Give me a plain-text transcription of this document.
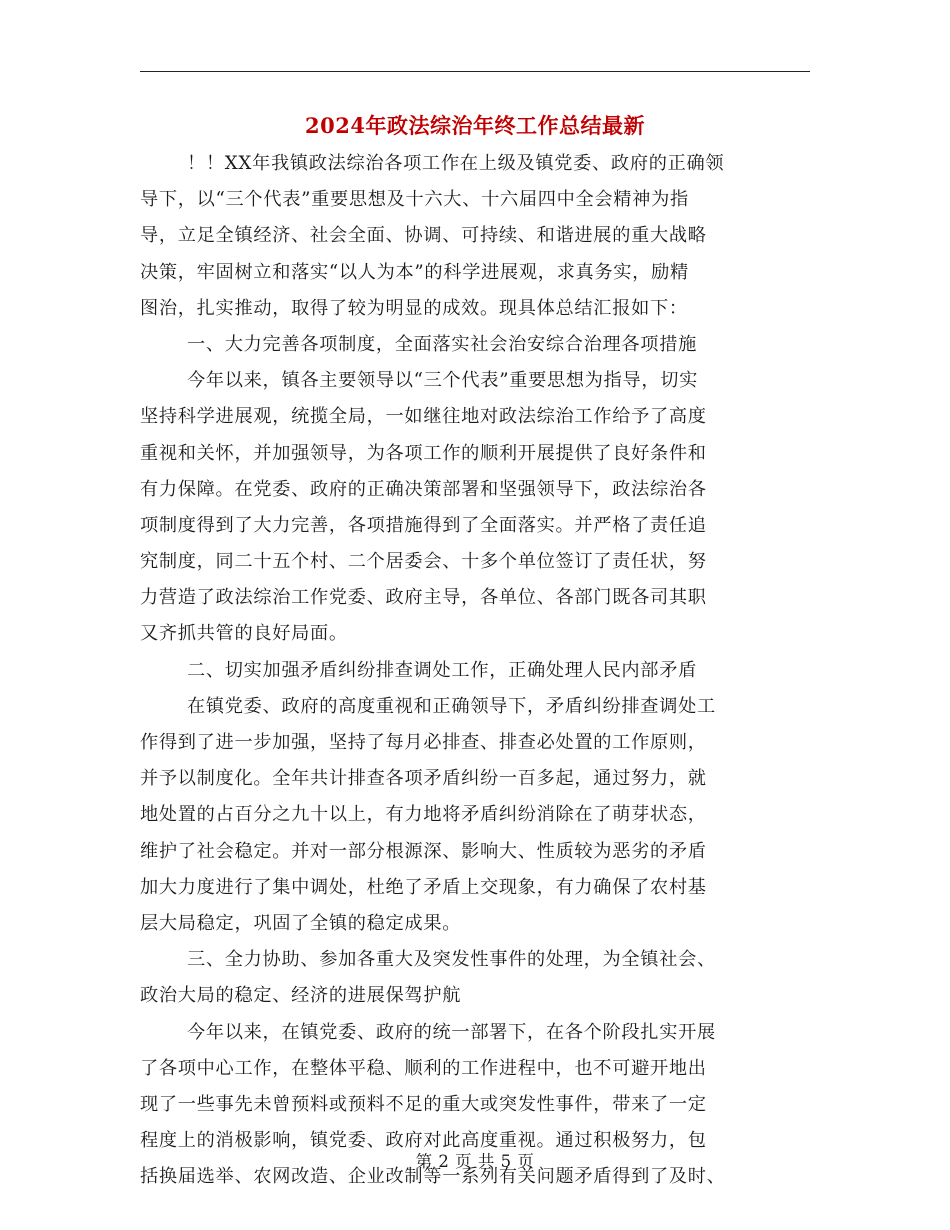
2024年政法综治年终工作总结最新
！！XX年我镇政法综治各项工作在上级及镇党委、政府的正确领
导下，以“三个代表”重要思想及十六大、十六届四中全会精神为指
导，立足全镇经济、社会全面、协调、可持续、和谐进展的重大战略
决策，牢固树立和落实“以人为本”的科学进展观，求真务实，励精
图治，扎实推动，取得了较为明显的成效。现具体总结汇报如下：
一、大力完善各项制度，全面落实社会治安综合治理各项措施
今年以来，镇各主要领导以“三个代表”重要思想为指导，切实
坚持科学进展观，统揽全局，一如继往地对政法综治工作给予了高度
重视和关怀，并加强领导，为各项工作的顺利开展提供了良好条件和
有力保障。在党委、政府的正确决策部署和坚强领导下，政法综治各
项制度得到了大力完善，各项措施得到了全面落实。并严格了责任追
究制度，同二十五个村、二个居委会、十多个单位签订了责任状，努
力营造了政法综治工作党委、政府主导，各单位、各部门既各司其职
又齐抓共管的良好局面。
二、切实加强矛盾纠纷排查调处工作，正确处理人民内部矛盾
在镇党委、政府的高度重视和正确领导下，矛盾纠纷排查调处工
作得到了进一步加强，坚持了每月必排查、排查必处置的工作原则，
并予以制度化。全年共计排查各项矛盾纠纷一百多起，通过努力，就
地处置的占百分之九十以上，有力地将矛盾纠纷消除在了萌芽状态，
维护了社会稳定。并对一部分根源深、影响大、性质较为恶劣的矛盾
加大力度进行了集中调处，杜绝了矛盾上交现象，有力确保了农村基
层大局稳定，巩固了全镇的稳定成果。
三、全力协助、参加各重大及突发性事件的处理，为全镇社会、
政治大局的稳定、经济的进展保驾护航
今年以来，在镇党委、政府的统一部署下，在各个阶段扎实开展
了各项中心工作，在整体平稳、顺利的工作进程中，也不可避开地出
现了一些事先未曾预料或预料不足的重大或突发性事件，带来了一定
程度上的消极影响，镇党委、政府对此高度重视。通过积极努力，包
括换届选举、农网改造、企业改制等一系列有关问题矛盾得到了及时、
第 2 页 共 5 页
